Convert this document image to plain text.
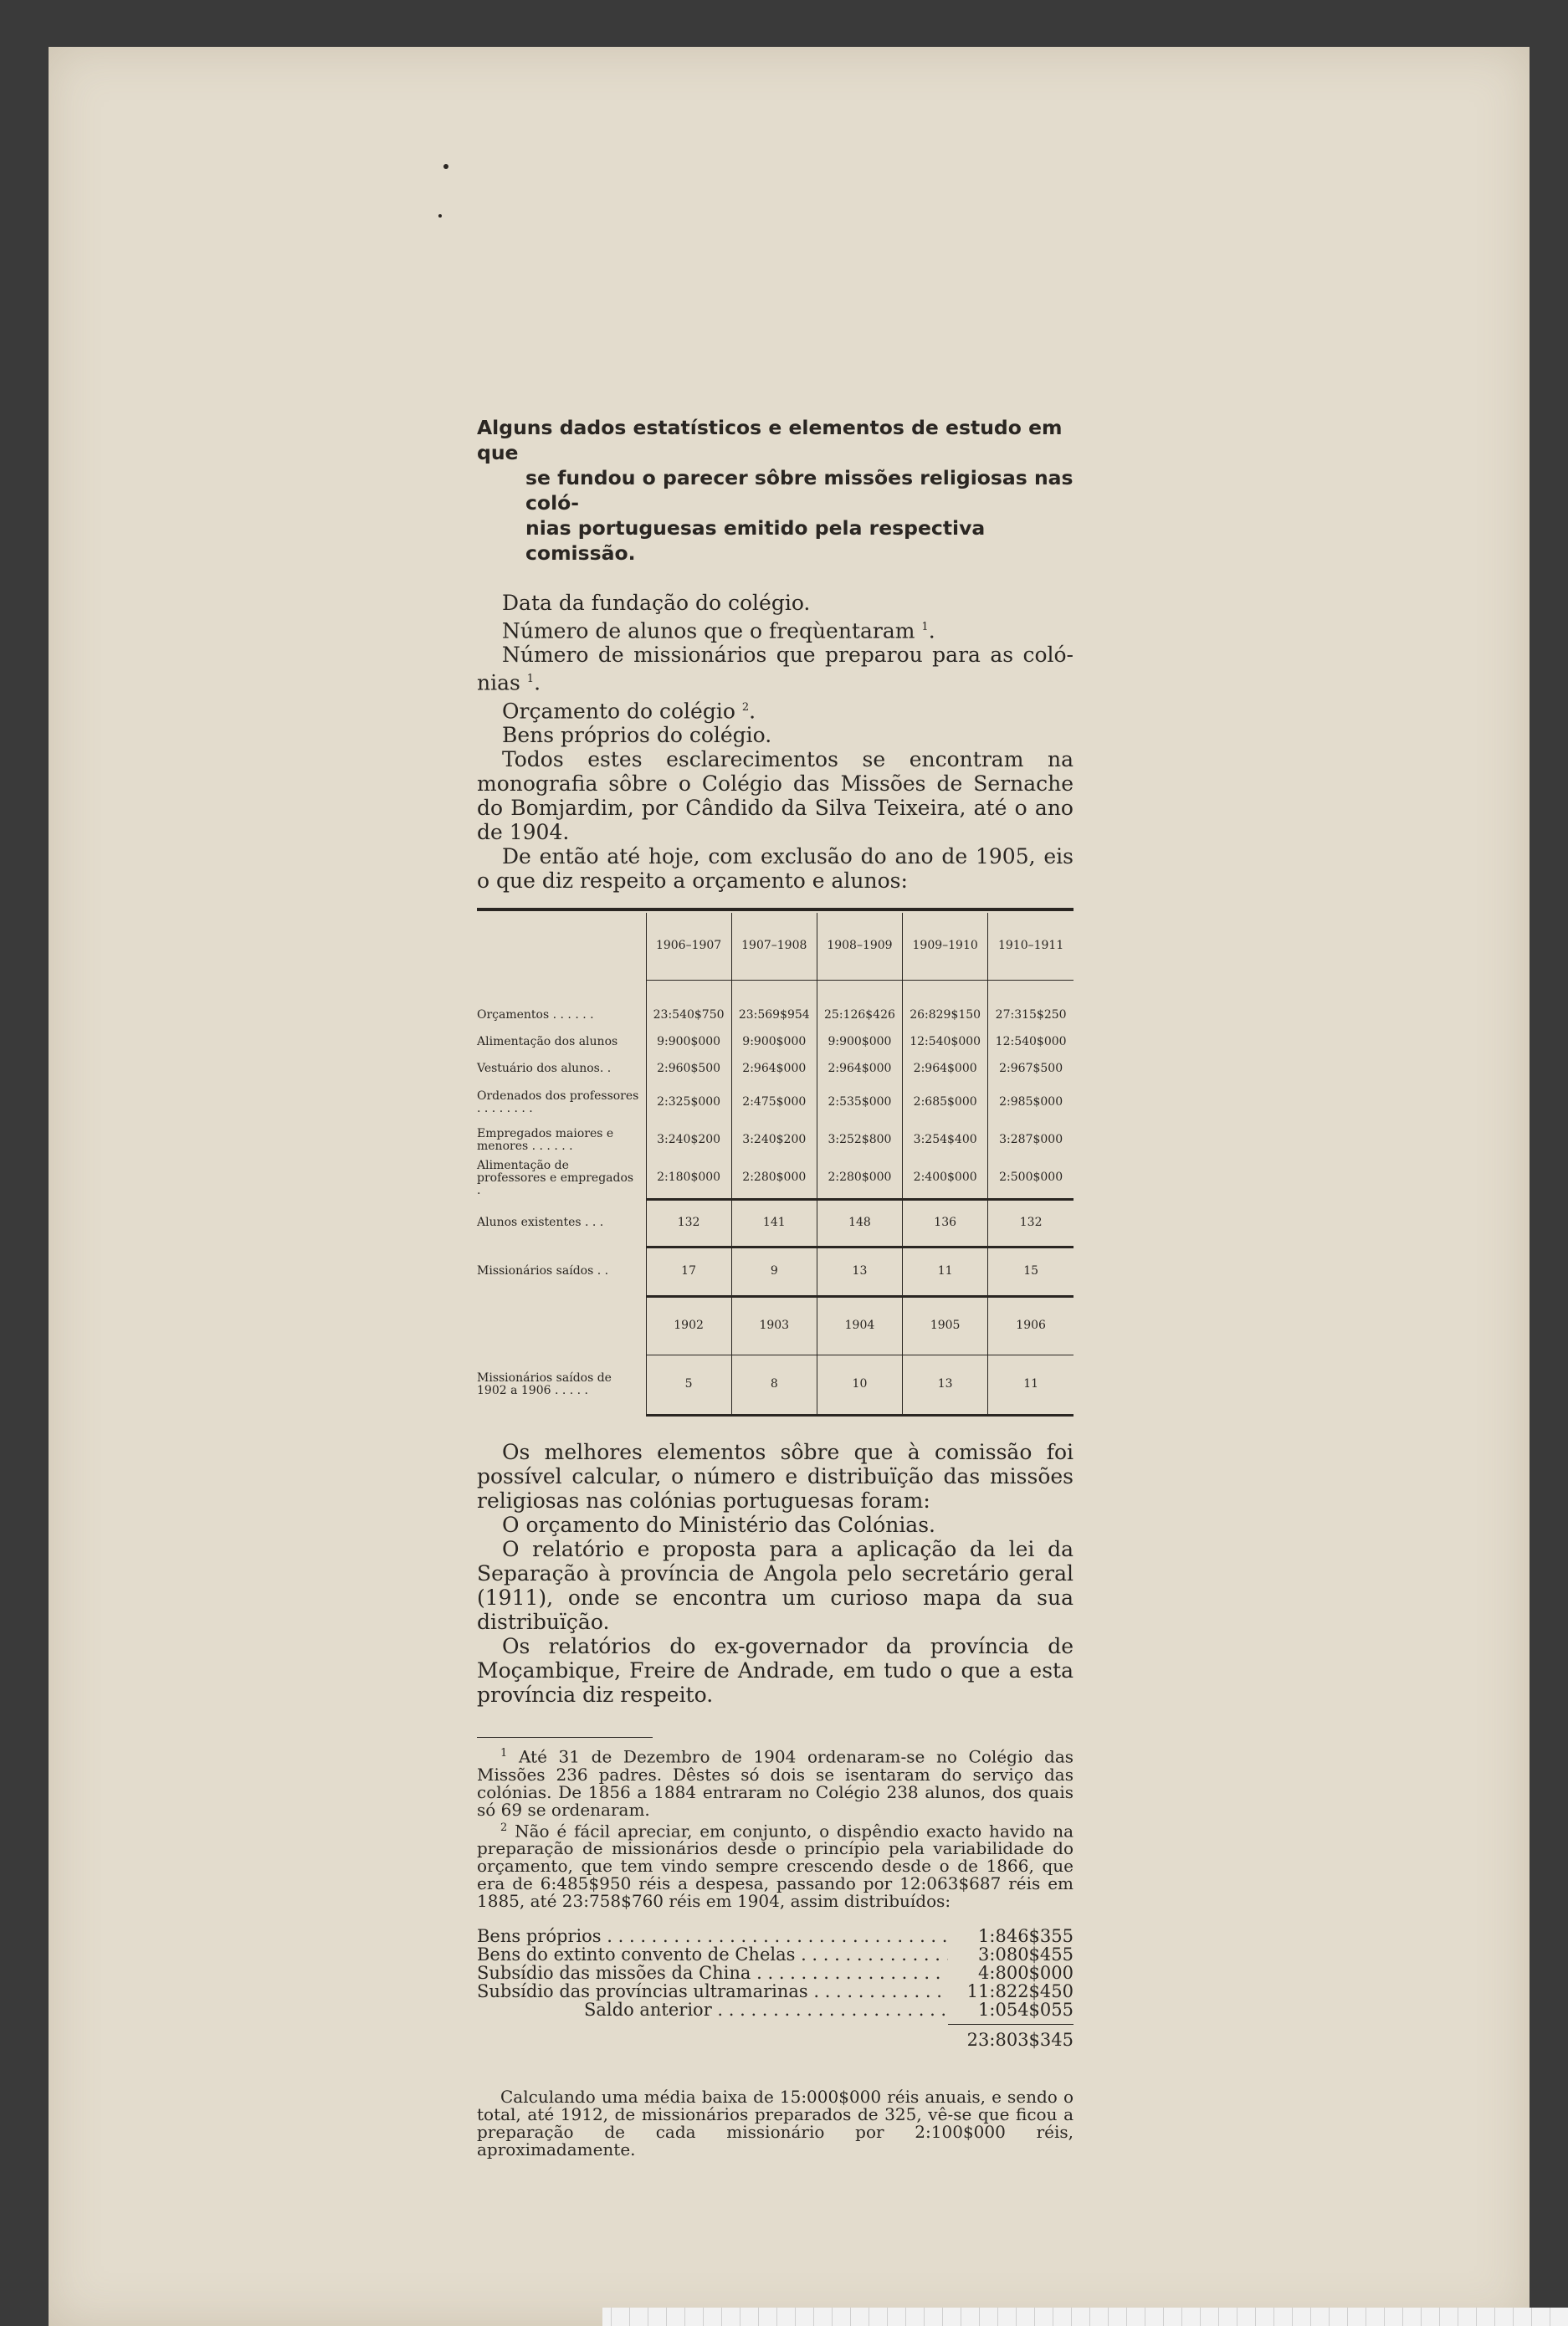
Alguns dados estatísticos e elementos de estudo em que
se fundou o parecer sôbre missões religiosas nas coló-
nias portuguesas emitido pela respectiva comissão.

Data da fundação do colégio.

Número de alunos que o freqùentaram $^1$.

Número de missionários que preparou para as coló-nias $^1$.

Orçamento do colégio $^2$.

Bens próprios do colégio.

Todos estes esclarecimentos se encontram na monografia sôbre o Colégio das Missões de Sernache do Bomjardim, por Cândido da Silva Teixeira, até o ano de 1904.

De então até hoje, com exclusão do ano de 1905, eis o que diz respeito a orçamento e alunos:

	1906–1907	1907–1908	1908–1909	1909–1910	1910–1911

Orçamentos . . . . . .	23:540$750	23:569$954	25:126$426	26:829$150	27:315$250
Alimentação dos alunos	9:900$000	9:900$000	9:900$000	12:540$000	12:540$000
Vestuário dos alunos. .	2:960$500	2:964$000	2:964$000	2:964$000	2:967$500
Ordenados dos professores . . . . . . . .	2:325$000	2:475$000	2:535$000	2:685$000	2:985$000
Empregados maiores e menores . . . . . .	3:240$200	3:240$200	3:252$800	3:254$400	3:287$000
Alimentação de professores e empregados .	2:180$000	2:280$000	2:280$000	2:400$000	2:500$000
Alunos existentes . . .	132	141	148	136	132
Missionários saídos . .	17	9	13	11	15
	1902	1903	1904	1905	1906
Missionários saídos de 1902 a 1906 . . . . .	5	8	10	13	11

Os melhores elementos sôbre que à comissão foi possível calcular, o número e distribuïção das missões religiosas nas colónias portuguesas foram:

O orçamento do Ministério das Colónias.

O relatório e proposta para a aplicação da lei da Separação à província de Angola pelo secretário geral (1911), onde se encontra um curioso mapa da sua distribuïção.

Os relatórios do ex-governador da província de Moçambique, Freire de Andrade, em tudo o que a esta província diz respeito.

$^1$ Até 31 de Dezembro de 1904 ordenaram-se no Colégio das Missões 236 padres. Dêstes só dois se isentaram do serviço das colónias. De 1856 a 1884 entraram no Colégio 238 alunos, dos quais só 69 se ordenaram.

$^2$ Não é fácil apreciar, em conjunto, o dispêndio exacto havido na preparação de missionários desde o princípio pela variabilidade do orçamento, que tem vindo sempre crescendo desde o de 1866, que era de 6:485$950 réis a despesa, passando por 12:063$687 réis em 1885, até 23:758$760 réis em 1904, assim distribuídos:

Bens próprios . . .	1:846$355
Bens do extinto convento de Chelas . . .	3:080$455
Subsídio das missões da China . . .	4:800$000
Subsídio das províncias ultramarinas . . .	11:822$450
Saldo anterior . . .	1:054$055
23:803$345

Calculando uma média baixa de 15:000$000 réis anuais, e sendo o total, até 1912, de missionários preparados de 325, vê-se que ficou a preparação de cada missionário por 2:100$000 réis, aproximadamente.
